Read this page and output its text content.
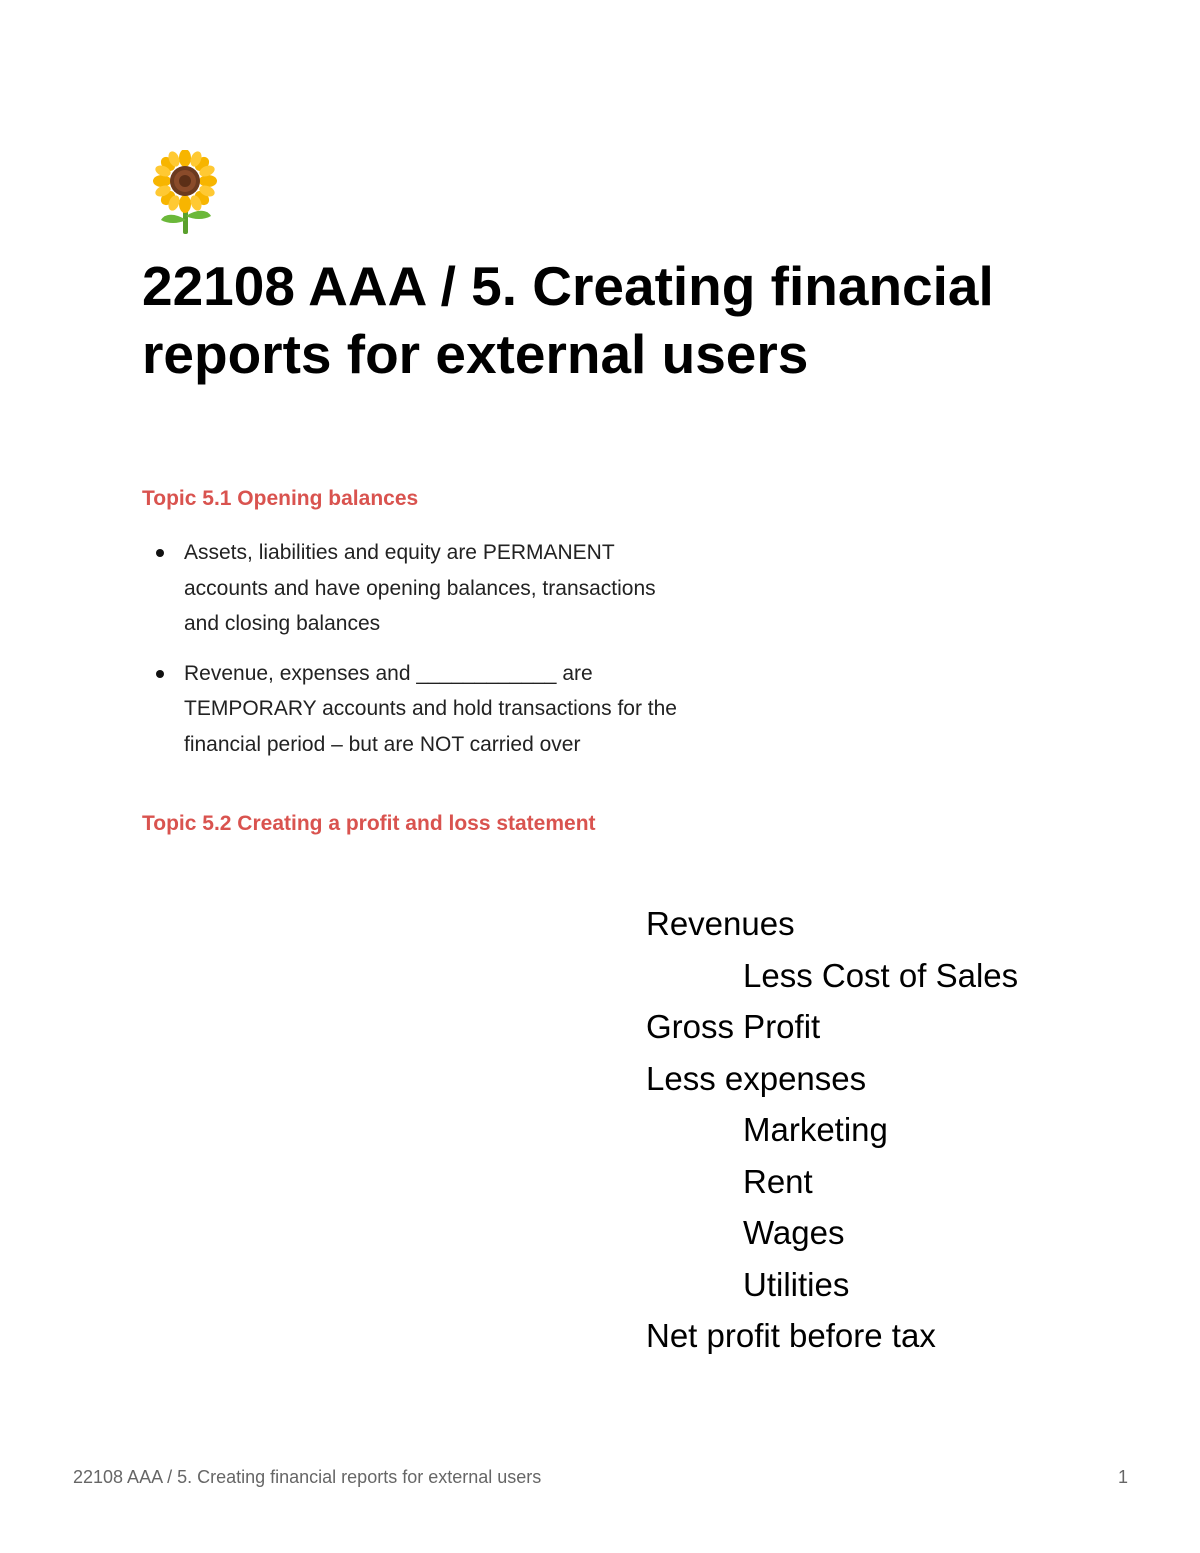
22108 AAA / 5. Creating financial reports for external users
Topic 5.1 Opening balances
Assets, liabilities and equity are PERMANENT accounts and have opening balances, transactions and closing balances
Revenue, expenses and ____________ are TEMPORARY accounts and hold transactions for the financial period – but are NOT carried over
Topic 5.2 Creating a profit and loss statement
Revenues
Less Cost of Sales
Gross Profit
Less expenses
Marketing
Rent
Wages
Utilities
Net profit before tax
22108 AAA / 5. Creating financial reports for external users	1
